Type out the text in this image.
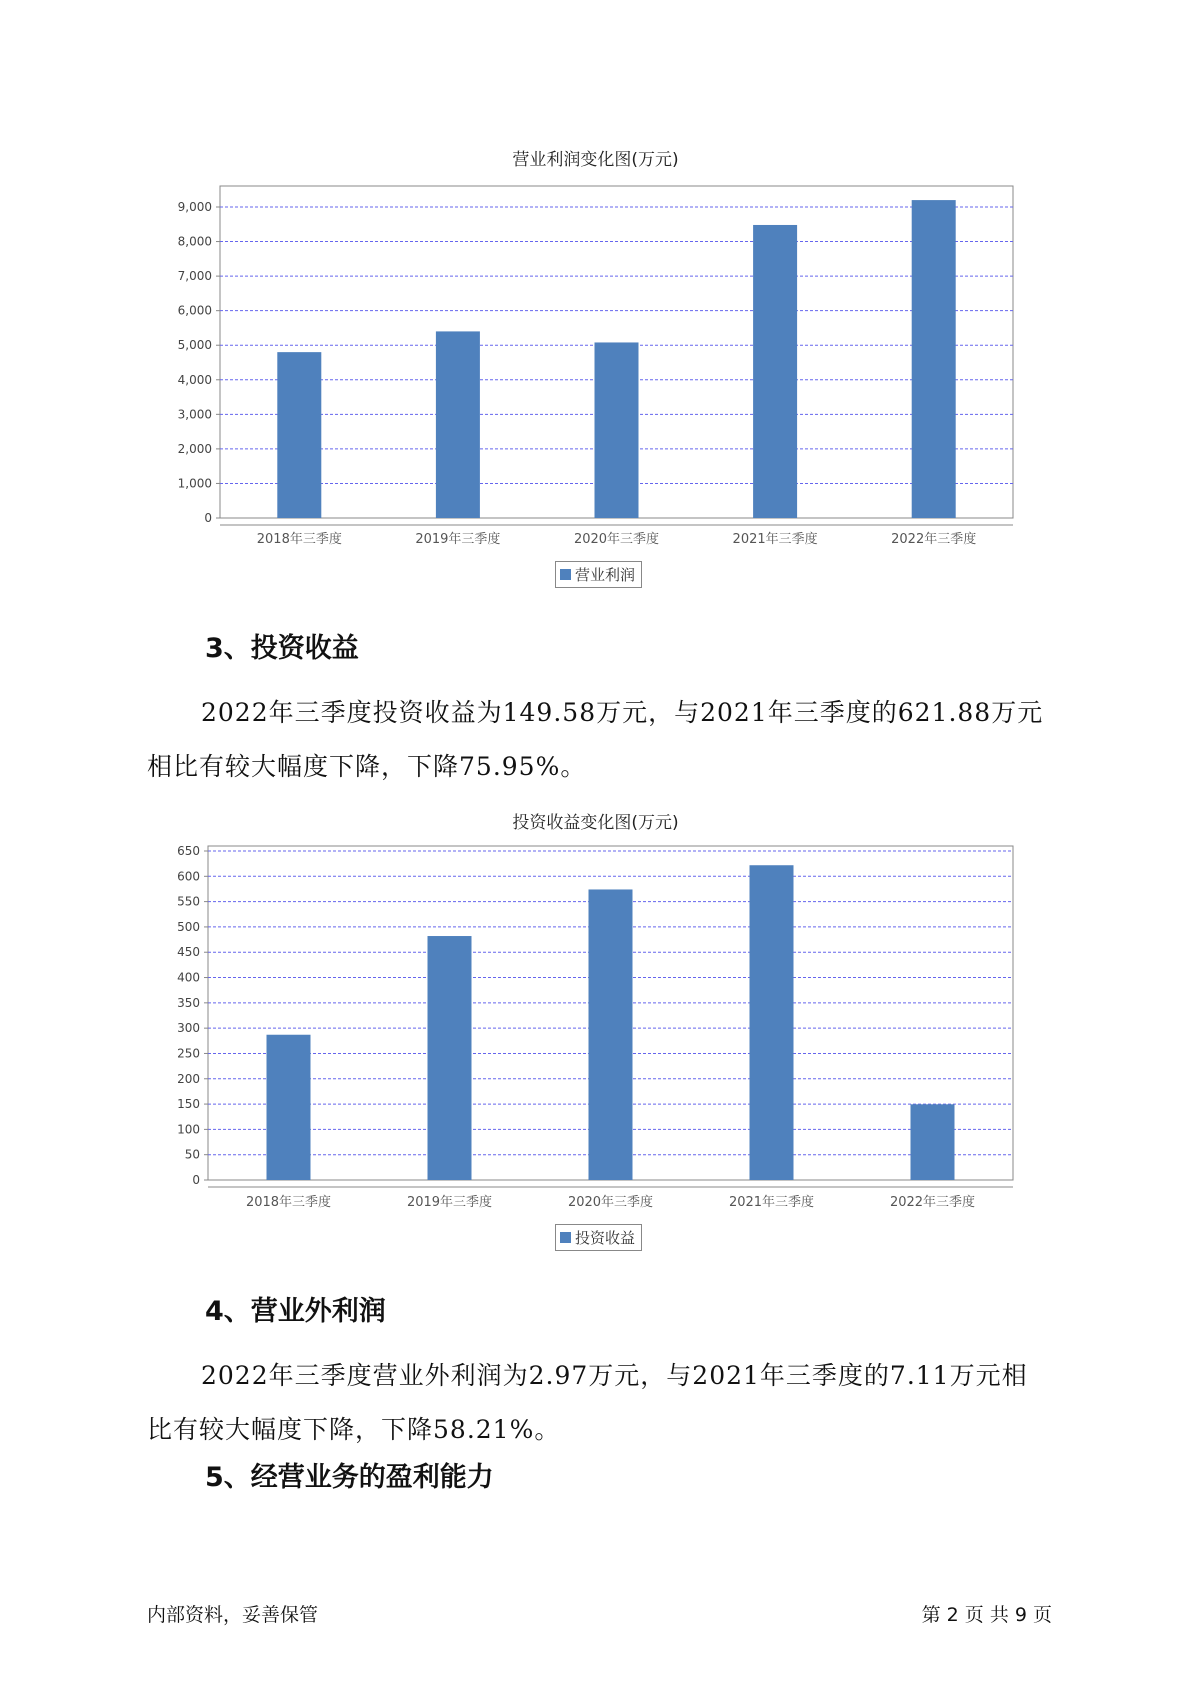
营业利润变化图(万元)
0
1,000
2,000
3,000
4,000
5,000
6,000
7,000
8,000
9,000
2018年三季度	2019年三季度	2020年三季度	2021年三季度	2022年三季度
营业利润
3、投资收益
2022年三季度投资收益为149.58万元，与2021年三季度的621.88万元相比有较大幅度下降，下降75.95%。
投资收益变化图(万元)
0
50
100
150
200
250
300
350
400
450
500
550
600
650
2018年三季度	2019年三季度	2020年三季度	2021年三季度	2022年三季度
投资收益
4、营业外利润
2022年三季度营业外利润为2.97万元，与2021年三季度的7.11万元相比有较大幅度下降，下降58.21%。
5、经营业务的盈利能力
内部资料，妥善保管	第 2 页 共 9 页
